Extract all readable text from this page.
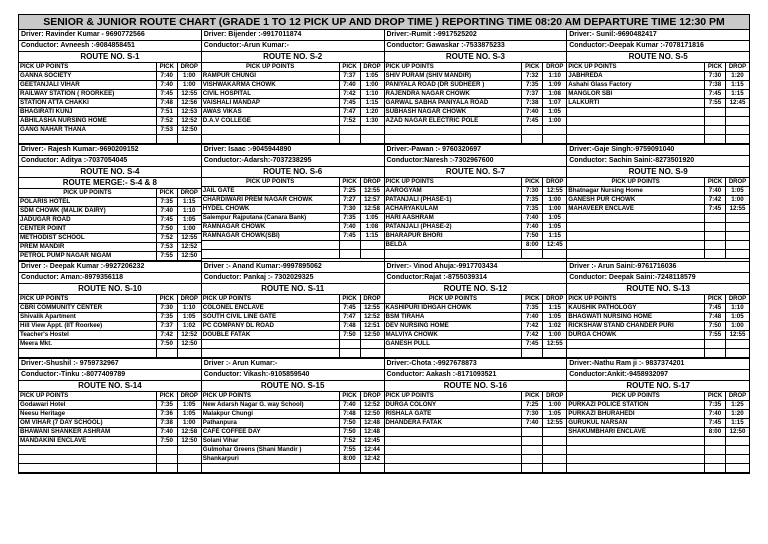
SENIOR & JUNIOR ROUTE CHART (GRADE 1 TO 12 PICK UP AND DROP TIME ) REPORTING TIME 08:20 AM DEPARTURE TIME 12:30 PM
Driver: Ravinder Kumar - 9690772566
Conductor: Avneesh :-9084858451
ROUTE NO. S-1
PICK UP POINTS	PICK	DROP
GANNA SOCIETY	7:40	1:00
GEETANJALI VIHAR	7:40	1:00
RAILWAY STATION ( ROORKEE)	7:45	12:55
STATION ATTA CHAKKI	7:48	12:56
BHAGIRATI KUNJ	7:51	12:53
ABHILASHA NURSING HOME	7:52	12:52
GANG NAHAR THANA	7:53	12:50

Driver: Bijender :-9917011874
Conductor:-Arun Kumar:-
ROUTE NO. S-2
PICK UP POINTS	PICK	DROP
RAMPUR CHUNGI	7:37	1:05
VISHWAKARMA CHOWK	7:40	1:00
CIVIL HOSPITAL	7:42	1:10
VAISHALI MANDAP	7:45	1:15
AWAS VIKAS	7:47	1:20
D.A.V COLLEGE	7:52	1:30

Driver:-Rumit :-9917525202
Conductor: Gawaskar :-7533875233
ROUTE NO. S-3
PICK UP POINTS	PICK	DROP
SHIV PURAM (SHIV MANDIR)	7:32	1:10
PANIYALA ROAD (DR SUDHEER )	7:35	1:09
RAJENDRA NAGAR CHOWK	7:37	1:08
GARWAL SABHA PANIYALA ROAD	7:38	1:07
SUBHASH NAGAR CHOWK	7:40	1:05
AZAD NAGAR ELECTRIC POLE	7:45	1:00

Driver:- Sunil:-9690482417
Conductor:-Deepak Kumar :-7078171816
ROUTE NO. S-5
PICK UP POINTS	PICK	DROP
JABHREDA	7:30	1:20
Ashahi Glass Factory	7:38	1:15
MANGLOR SBI	7:45	1:15
LALKURTI	7:55	12:45

Driver:- Rajesh Kumar:-9690209152
Conductor: Aditya :-7037054045
ROUTE NO. S-4
ROUTE MERGE:- S-4 & 8
PICK UP POINTS	PICK	DROP
POLARIS HOTEL	7:35	1:15
SDM CHOWK (MALIK DAIRY)	7:40	1:10
JADUGAR ROAD	7:45	1:05
CENTER POINT	7:50	1:00
METHODIST SCHOOL	7:52	12:55
PREM MANDIR	7:53	12:52
PETROL PUMP NAGAR NIGAM	7:55	12:50
Driver: Isaac :-9045944890
Conductor:-Adarsh:-7037238295
ROUTE NO. S-6
PICK UP POINTS	PICK	DROP
JAIL GATE	7:25	12:55
CHARDIWARI PREM NAGAR CHOWK	7:27	12:57
HYDEL CHOWK	7:30	12:58
Salempur Rajputana (Canara Bank)	7:35	1:05
RAMNAGAR CHOWK	7:40	1:08
RAMNAGAR CHOWK(SBI)	7:45	1:15

Driver:-Pawan :- 9760320697
Conductor:Naresh :-7302967600
ROUTE NO. S-7
PICK UP POINTS	PICK	DROP
AAROGYAM	7:30	12:55
PATANJALI (PHASE-1)	7:35	1:00
ACHARYAKULAM	7:35	1:00
HARI AASHRAM	7:40	1:05
PATANJALI (PHASE-2)	7:40	1:05
BHARAPUR BHORI	7:50	1:15
BELDA	8:00	12:45

Driver:-Gaje Singh:-9759091040
Conductor: Sachin Saini:-8273501920
ROUTE NO. S-9
PICK UP POINTS	PICK	DROP
Bhatnagar Nursing Home	7:40	1:05
GANESH PUR CHOWK	7:42	1:00
MAHAVEER ENCLAVE	7:45	12:55

Driver :- Deepak Kumar :-9927206232
Conductor: Aman:-8979356118
ROUTE NO. S-10
PICK UP POINTS	PICK	DROP
CBRI COMMUNITY CENTER	7:30	1:10
Shivalik Apartment	7:35	1:05
Hill View Appt. (IIT Roorkee)	7:37	1:02
Teacher's Hostel	7:42	12:52
Meera Mkt.	7:50	12:50

Driver :- Anand Kumar:-9997895062
Conductor: Pankaj :- 7302029325
ROUTE NO. S-11
PICK UP POINTS	PICK	DROP
COLONEL ENCLAVE	7:45	12:55
SOUTH CIVIL LINE GATE	7:47	12:52
PC COMPANY DL ROAD	7:48	12:51
DOUBLE FATAK	7:50	12:50

Driver:- Vinod Ahuja:-9917703434
Conductor:Rajat :-8755039314
ROUTE NO. S-12
PICK UP POINTS	PICK	DROP
KASHIPURI IDHGAH CHOWK	7:35	1:15
BSM TIRAHA	7:40	1:05
DEV NURSING HOME	7:42	1:02
MALVIYA CHOWK	7:42	1:00
GANESH PULL	7:45	12:55

Driver :- Arun Saini:-9761716036
Conductor: Deepak Saini:-7248118579
ROUTE NO. S-13
PICK UP POINTS	PICK	DROP
KAUSHIK PATHOLOGY	7:45	1:10
BHAGWATI NURSING HOME	7:48	1:05
RICKSHAW STAND CHANDER PURI	7:50	1:00
DURGA CHOWK	7:55	12:55

Driver:-Shushil :- 9759732967
Conductor:-Tinku :-8077409789
ROUTE NO. S-14
PICK UP POINTS	PICK	DROP
Godawari Hotel	7:35	1:05
Neesu Heritage	7:36	1:05
OM VIHAR (7 DAY SCHOOL)	7:38	1:00
BHAWANI SHANKER ASHRAM	7:40	12:58
MANDAKINI ENCLAVE	7:50	12:50

Driver :- Arun Kumar:-
Conductor: Vikash:-9105859540
ROUTE NO. S-15
PICK UP POINTS	PICK	DROP
New Adarsh Nagar G. way School)	7:40	12:52
Malakpur Chungi	7:48	12:50
Pathanpura	7:50	12:48
CAFÉ COFFEE DAY	7:50	12:48
Solani Vihar	7:52	12:45
Gulmohar Greens (Shani Mandir )	7:55	12:44
Shankarpuri	8:00	12:42

Driver:-Chota :-9927678873
Conductor: Aakash :-8171093521
ROUTE NO. S-16
PICK UP POINTS	PICK	DROP
DURGA COLONY	7:25	1:00
RISHALA GATE	7:30	1:05
DHANDERA FATAK	7:40	12:55

Driver:-Nathu Ram ji :- 9837374201
Conductor:Ankit:-9458932097
ROUTE NO. S-17
PICK UP POINTS	PICK	DROP
PURKAZI POLICE STATION	7:35	1:25
PURKAZI BHURAHEDI	7:40	1:20
GURUKUL NARSAN	7:45	1:15
SHAKUMBHARI ENCLAVE	8:00	12:50
